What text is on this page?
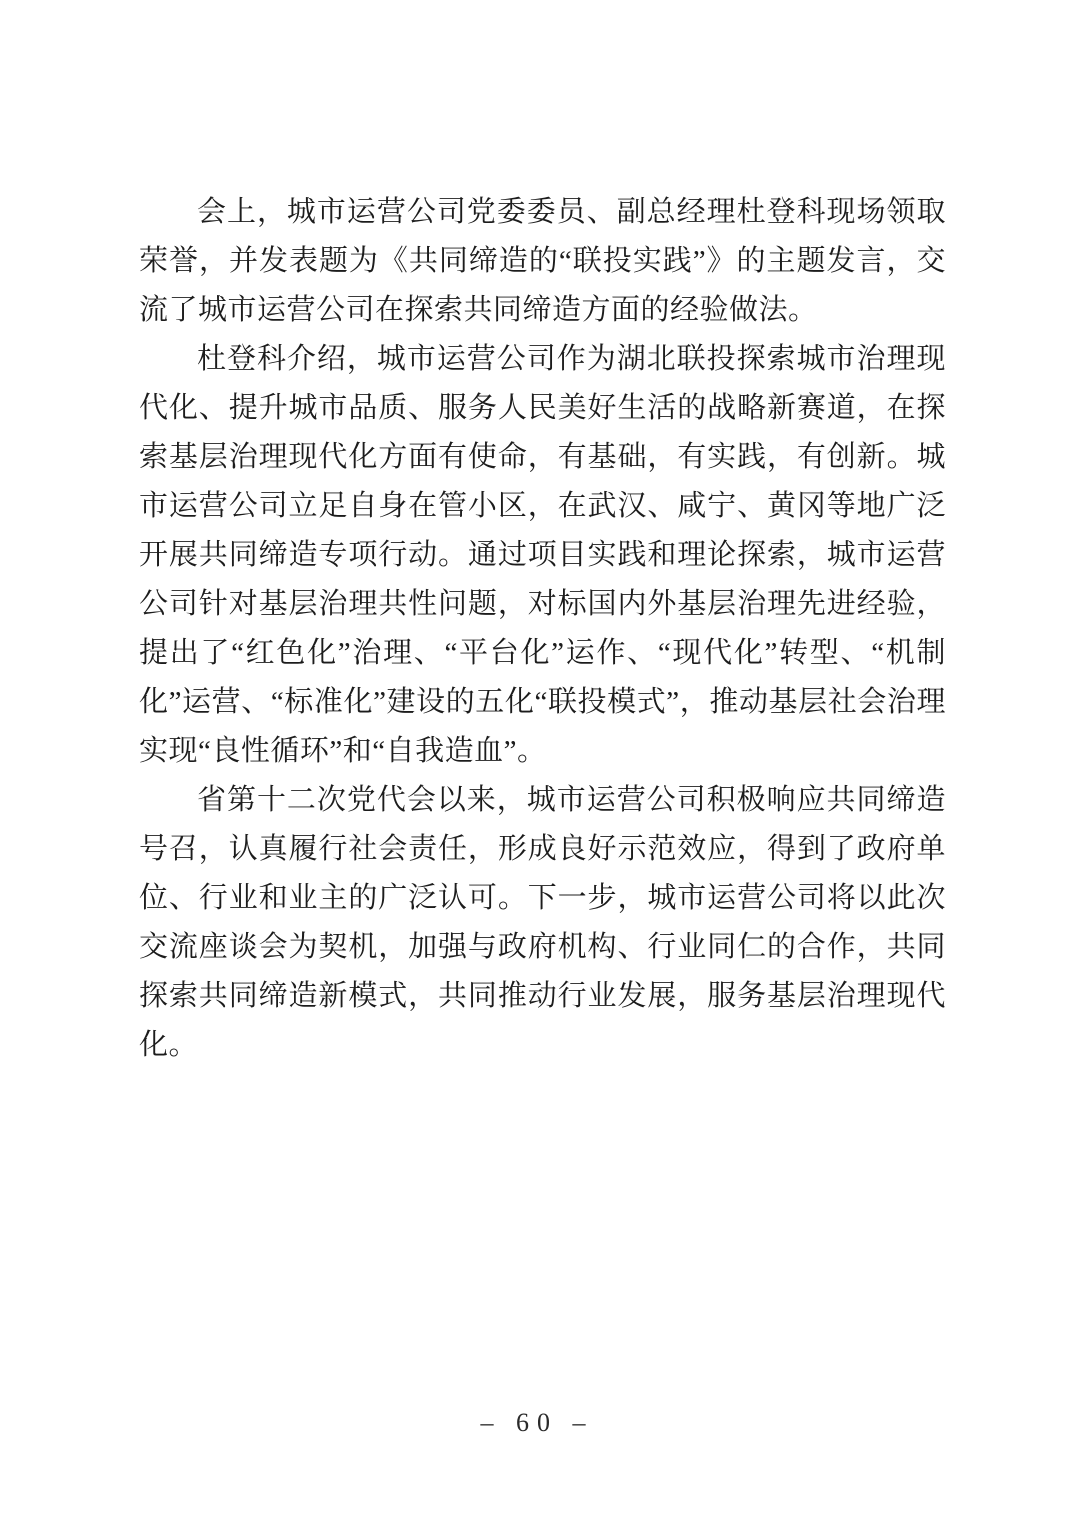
会上，城市运营公司党委委员、副总经理杜登科现场领取荣誉，并发表题为《共同缔造的“联投实践”》的主题发言，交流了城市运营公司在探索共同缔造方面的经验做法。

杜登科介绍，城市运营公司作为湖北联投探索城市治理现代化、提升城市品质、服务人民美好生活的战略新赛道，在探索基层治理现代化方面有使命，有基础，有实践，有创新。城市运营公司立足自身在管小区，在武汉、咸宁、黄冈等地广泛开展共同缔造专项行动。通过项目实践和理论探索，城市运营公司针对基层治理共性问题，对标国内外基层治理先进经验，提出了“红色化”治理、“平台化”运作、“现代化”转型、“机制化”运营、“标准化”建设的五化“联投模式”，推动基层社会治理实现“良性循环”和“自我造血”。

省第十二次党代会以来，城市运营公司积极响应共同缔造号召，认真履行社会责任，形成良好示范效应，得到了政府单位、行业和业主的广泛认可。下一步，城市运营公司将以此次交流座谈会为契机，加强与政府机构、行业同仁的合作，共同探索共同缔造新模式，共同推动行业发展，服务基层治理现代化。

– 60 –
